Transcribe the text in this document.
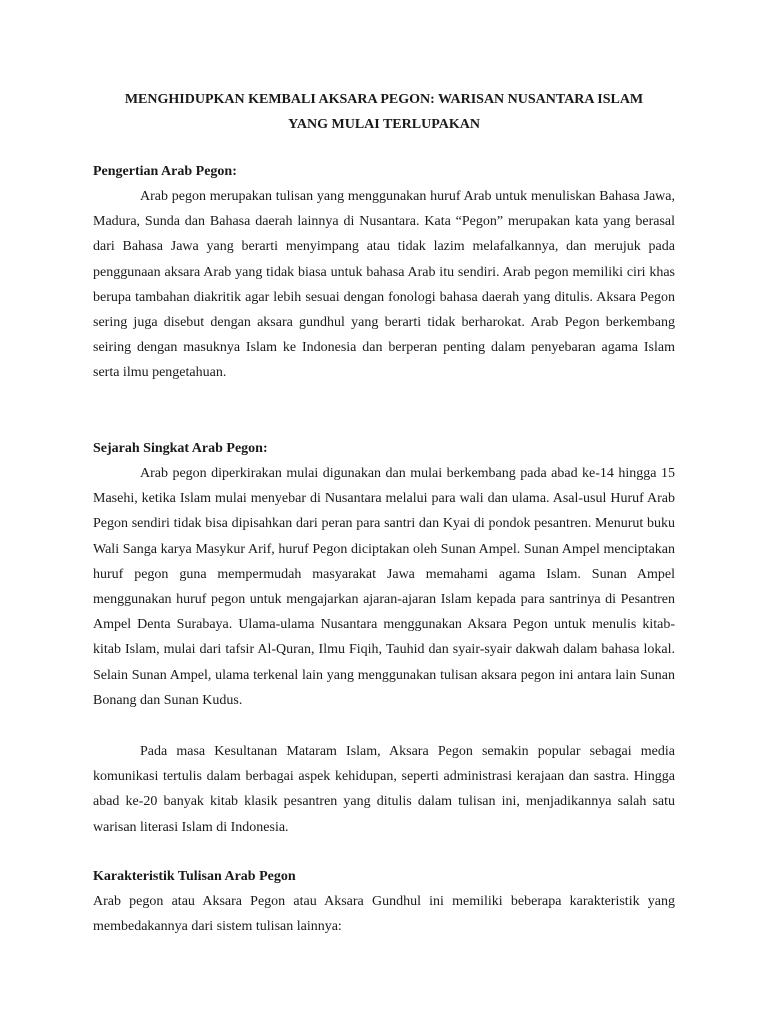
MENGHIDUPKAN KEMBALI AKSARA PEGON: WARISAN NUSANTARA ISLAM
YANG MULAI TERLUPAKAN
Pengertian Arab Pegon:

Arab pegon merupakan tulisan yang menggunakan huruf Arab untuk menuliskan Bahasa Jawa, Madura, Sunda dan Bahasa daerah lainnya di Nusantara. Kata “Pegon” merupakan kata yang berasal dari Bahasa Jawa yang berarti menyimpang atau tidak lazim melafalkannya, dan merujuk pada penggunaan aksara Arab yang tidak biasa untuk bahasa Arab itu sendiri. Arab pegon memiliki ciri khas berupa tambahan diakritik agar lebih sesuai dengan fonologi bahasa daerah yang ditulis. Aksara Pegon sering juga disebut dengan aksara gundhul yang berarti tidak berharokat. Arab Pegon berkembang seiring dengan masuknya Islam ke Indonesia dan berperan penting dalam penyebaran agama Islam serta ilmu pengetahuan.

Sejarah Singkat Arab Pegon:

Arab pegon diperkirakan mulai digunakan dan mulai berkembang pada abad ke-14 hingga 15 Masehi, ketika Islam mulai menyebar di Nusantara melalui para wali dan ulama. Asal-usul Huruf Arab Pegon sendiri tidak bisa dipisahkan dari peran para santri dan Kyai di pondok pesantren. Menurut buku Wali Sanga karya Masykur Arif, huruf Pegon diciptakan oleh Sunan Ampel. Sunan Ampel menciptakan huruf pegon guna mempermudah masyarakat Jawa memahami agama Islam. Sunan Ampel menggunakan huruf pegon untuk mengajarkan ajaran-ajaran Islam kepada para santrinya di Pesantren Ampel Denta Surabaya. Ulama-ulama Nusantara menggunakan Aksara Pegon untuk menulis kitab-kitab Islam, mulai dari tafsir Al-Quran, Ilmu Fiqih, Tauhid dan syair-syair dakwah dalam bahasa lokal. Selain Sunan Ampel, ulama terkenal lain yang menggunakan tulisan aksara pegon ini antara lain Sunan Bonang dan Sunan Kudus.

Pada masa Kesultanan Mataram Islam, Aksara Pegon semakin popular sebagai media komunikasi tertulis dalam berbagai aspek kehidupan, seperti administrasi kerajaan dan sastra. Hingga abad ke-20 banyak kitab klasik pesantren yang ditulis dalam tulisan ini, menjadikannya salah satu warisan literasi Islam di Indonesia.

Karakteristik Tulisan Arab Pegon

Arab pegon atau Aksara Pegon atau Aksara Gundhul ini memiliki beberapa karakteristik yang membedakannya dari sistem tulisan lainnya:
